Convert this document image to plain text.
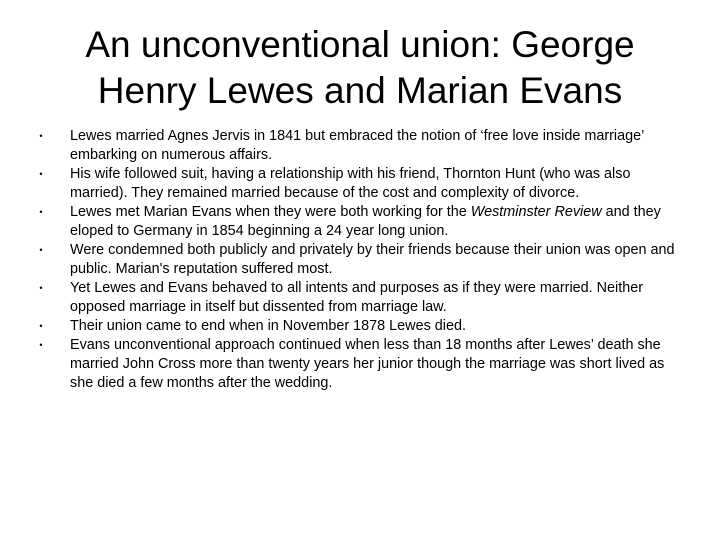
An unconventional union: George Henry Lewes and Marian Evans
• Lewes married Agnes Jervis in 1841 but embraced the notion of ‘free love inside marriage’ embarking on numerous affairs.
• His wife followed suit, having a relationship with his friend, Thornton Hunt (who was also married). They remained married because of the cost and complexity of divorce.
• Lewes met Marian Evans when they were both working for the Westminster Review and they eloped to Germany in 1854 beginning a 24 year long union.
• Were condemned both publicly and privately by their friends because their union was open and public. Marian's reputation suffered most.
• Yet Lewes and Evans behaved to all intents and purposes as if they were married. Neither opposed marriage in itself but dissented from marriage law.
• Their union came to end when in November 1878 Lewes died.
• Evans unconventional approach continued when less than 18 months after Lewes’ death she married John Cross more than twenty years her junior though the marriage was short lived as she died a few months after the wedding.
